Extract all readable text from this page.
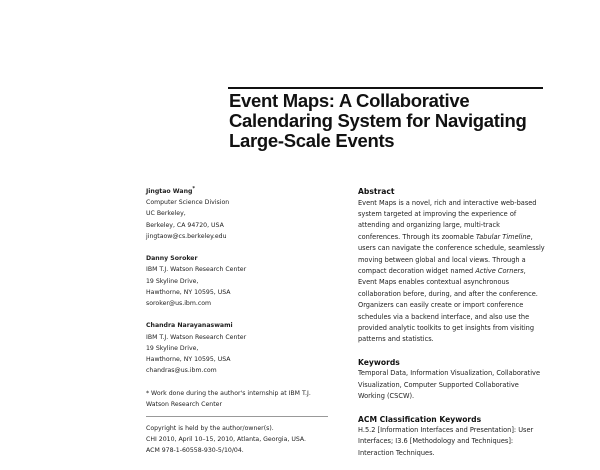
Event Maps: A Collaborative
Calendaring System for Navigating
Large-Scale Events
Jingtao Wang*
Computer Science Division
UC Berkeley,
Berkeley, CA 94720, USA
jingtaow@cs.berkeley.edu
Danny Soroker
IBM T.J. Watson Research Center
19 Skyline Drive,
Hawthorne, NY 10595, USA
soroker@us.ibm.com
Chandra Narayanaswami
IBM T.J. Watson Research Center
19 Skyline Drive,
Hawthorne, NY 10595, USA
chandras@us.ibm.com
* Work done during the author's internship at IBM T.J.
Watson Research Center
Copyright is held by the author/owner(s).
CHI 2010, April 10–15, 2010, Atlanta, Georgia, USA.
ACM 978-1-60558-930-5/10/04.
Abstract
Event Maps is a novel, rich and interactive web-based
system targeted at improving the experience of
attending and organizing large, multi-track
conferences. Through its zoomable Tabular Timeline,
users can navigate the conference schedule, seamlessly
moving between global and local views. Through a
compact decoration widget named Active Corners,
Event Maps enables contextual asynchronous
collaboration before, during, and after the conference.
Organizers can easily create or import conference
schedules via a backend interface, and also use the
provided analytic toolkits to get insights from visiting
patterns and statistics.
Keywords
Temporal Data, Information Visualization, Collaborative
Visualization, Computer Supported Collaborative
Working (CSCW).
ACM Classification Keywords
H.5.2 [Information Interfaces and Presentation]: User
Interfaces; I3.6 [Methodology and Techniques]:
Interaction Techniques.
